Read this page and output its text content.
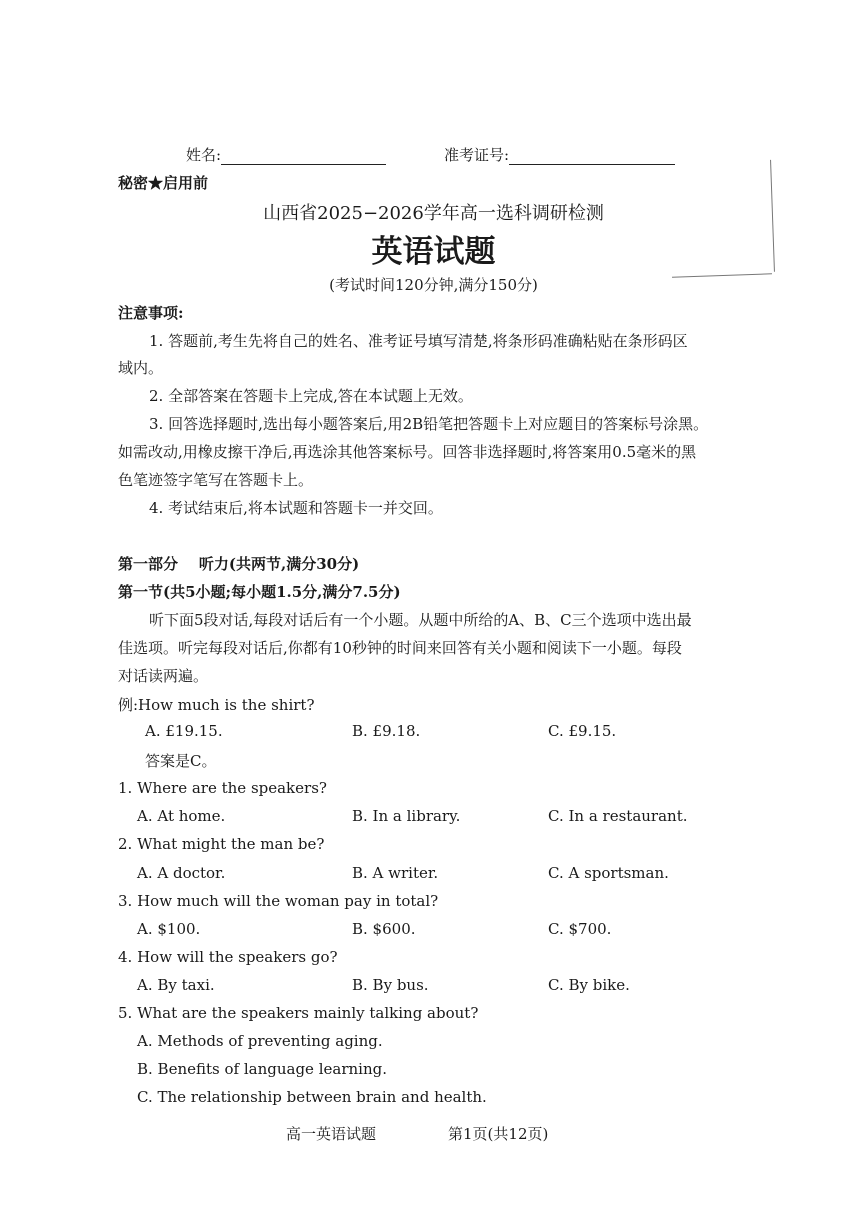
姓名:	准考证号:
秘密★启用前
山西省2025−2026学年高一选科调研检测
英语试题
(考试时间120分钟,满分150分)
注意事项:
1. 答题前,考生先将自己的姓名、准考证号填写清楚,将条形码准确粘贴在条形码区
域内。
2. 全部答案在答题卡上完成,答在本试题上无效。
3. 回答选择题时,选出每小题答案后,用2B铅笔把答题卡上对应题目的答案标号涂黑。
如需改动,用橡皮擦干净后,再选涂其他答案标号。回答非选择题时,将答案用0.5毫米的黑
色笔迹签字笔写在答题卡上。
4. 考试结束后,将本试题和答题卡一并交回。
第一部分    听力(共两节,满分30分)
第一节(共5小题;每小题1.5分,满分7.5分)
听下面5段对话,每段对话后有一个小题。从题中所给的A、B、C三个选项中选出最
佳选项。听完每段对话后,你都有10秒钟的时间来回答有关小题和阅读下一小题。每段
对话读两遍。
例:How much is the shirt?
A. £19.15.	B. £9.18.	C. £9.15.
答案是C。
1. Where are the speakers?
A. At home.	B. In a library.	C. In a restaurant.
2. What might the man be?
A. A doctor.	B. A writer.	C. A sportsman.
3. How much will the woman pay in total?
A. $100.	B. $600.	C. $700.
4. How will the speakers go?
A. By taxi.	B. By bus.	C. By bike.
5. What are the speakers mainly talking about?
A. Methods of preventing aging.
B. Benefits of language learning.
C. The relationship between brain and health.
高一英语试题	第1页(共12页)
